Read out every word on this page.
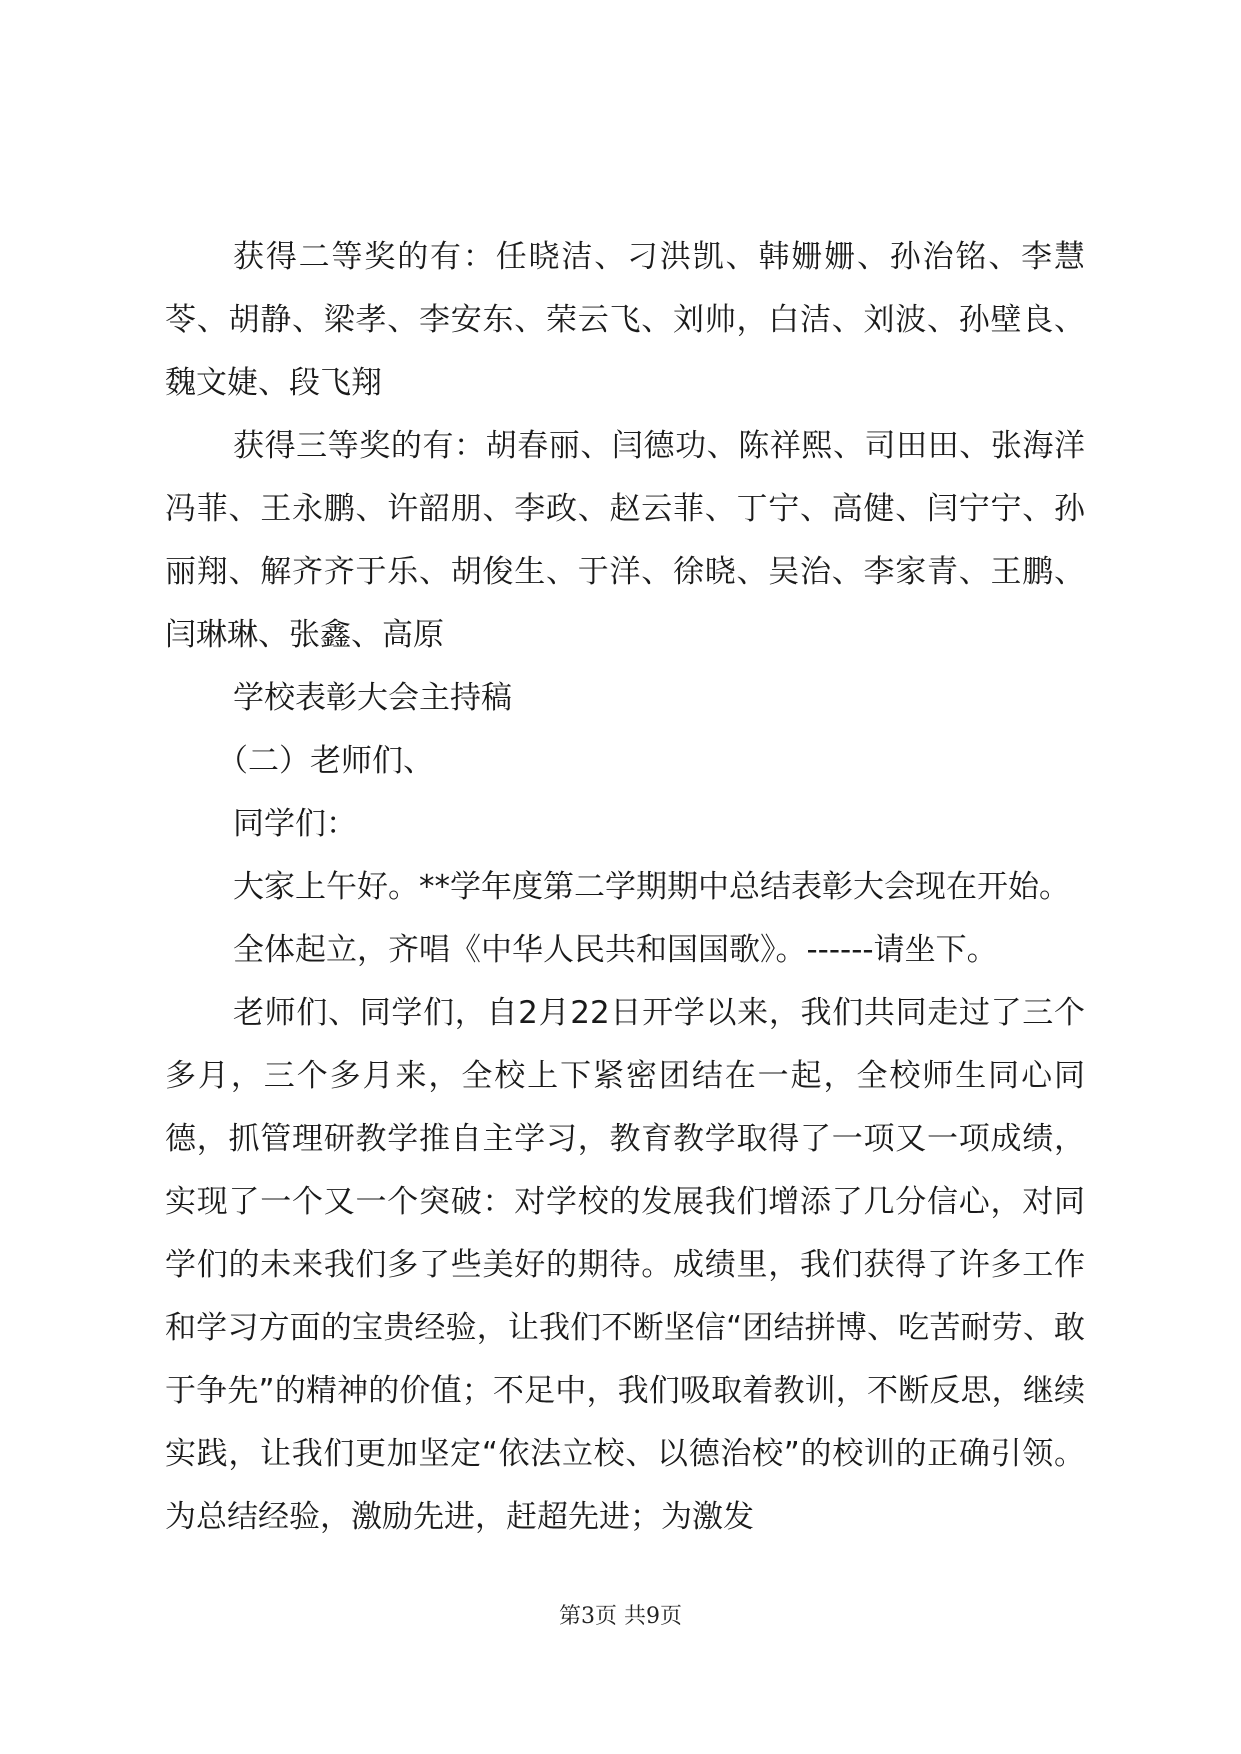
获得二等奖的有：任晓洁、刁洪凯、韩姗姗、孙治铭、李慧苓、胡静、梁孝、李安东、荣云飞、刘帅，白洁、刘波、孙壁良、魏文婕、段飞翔

获得三等奖的有：胡春丽、闫德功、陈祥熙、司田田、张海洋冯菲、王永鹏、许韶朋、李政、赵云菲、丁宁、高健、闫宁宁、孙丽翔、解齐齐于乐、胡俊生、于洋、徐晓、吴治、李家青、王鹏、闫琳琳、张鑫、高原

学校表彰大会主持稿

（二）老师们、

同学们：

大家上午好。**学年度第二学期期中总结表彰大会现在开始。

全体起立，齐唱《中华人民共和国国歌》。------请坐下。

老师们、同学们，自2月22日开学以来，我们共同走过了三个多月，三个多月来，全校上下紧密团结在一起，全校师生同心同德，抓管理研教学推自主学习，教育教学取得了一项又一项成绩，实现了一个又一个突破：对学校的发展我们增添了几分信心，对同学们的未来我们多了些美好的期待。成绩里，我们获得了许多工作和学习方面的宝贵经验，让我们不断坚信“团结拼博、吃苦耐劳、敢于争先”的精神的价值；不足中，我们吸取着教训，不断反思，继续实践，让我们更加坚定“依法立校、以德治校”的校训的正确引领。为总结经验，激励先进，赶超先进；为激发

第3页 共9页
